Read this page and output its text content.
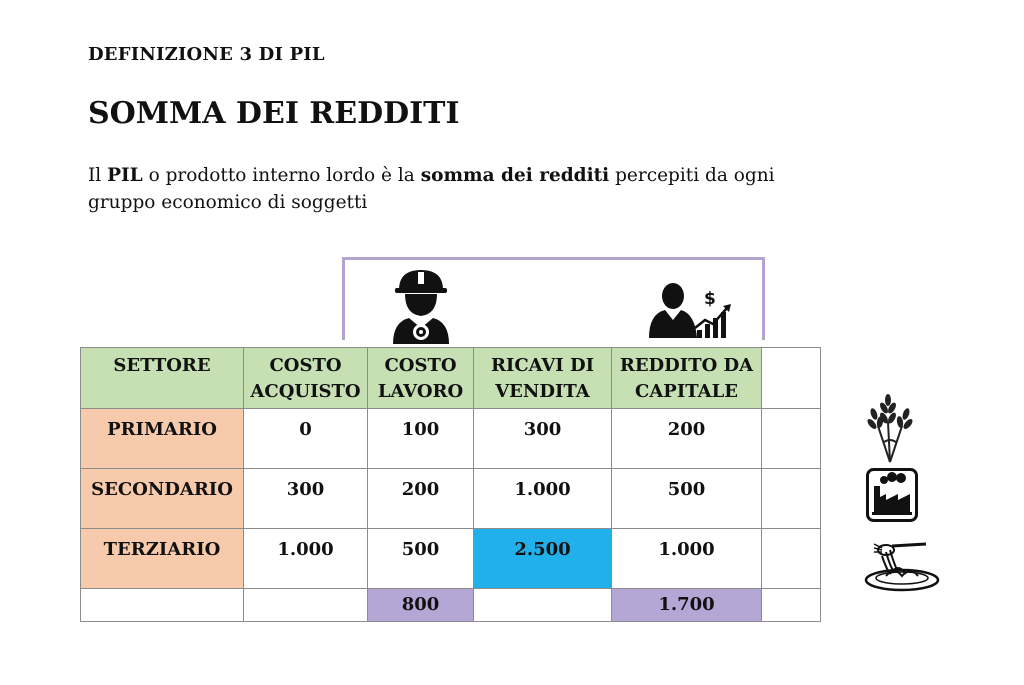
DEFINIZIONE 3 DI PIL
SOMMA DEI REDDITI
Il PIL o prodotto interno lordo è la somma dei redditi percepiti da ogni gruppo economico di soggetti
$
SETTORE	COSTO ACQUISTO	COSTO LAVORO	RICAVI DI VENDITA	REDDITO DA CAPITALE	

PRIMARIO	0	100	300	200	
SECONDARIO	300	200	1.000	500	
TERZIARIO	1.000	500	2.500	1.000	
		800		1.700	
